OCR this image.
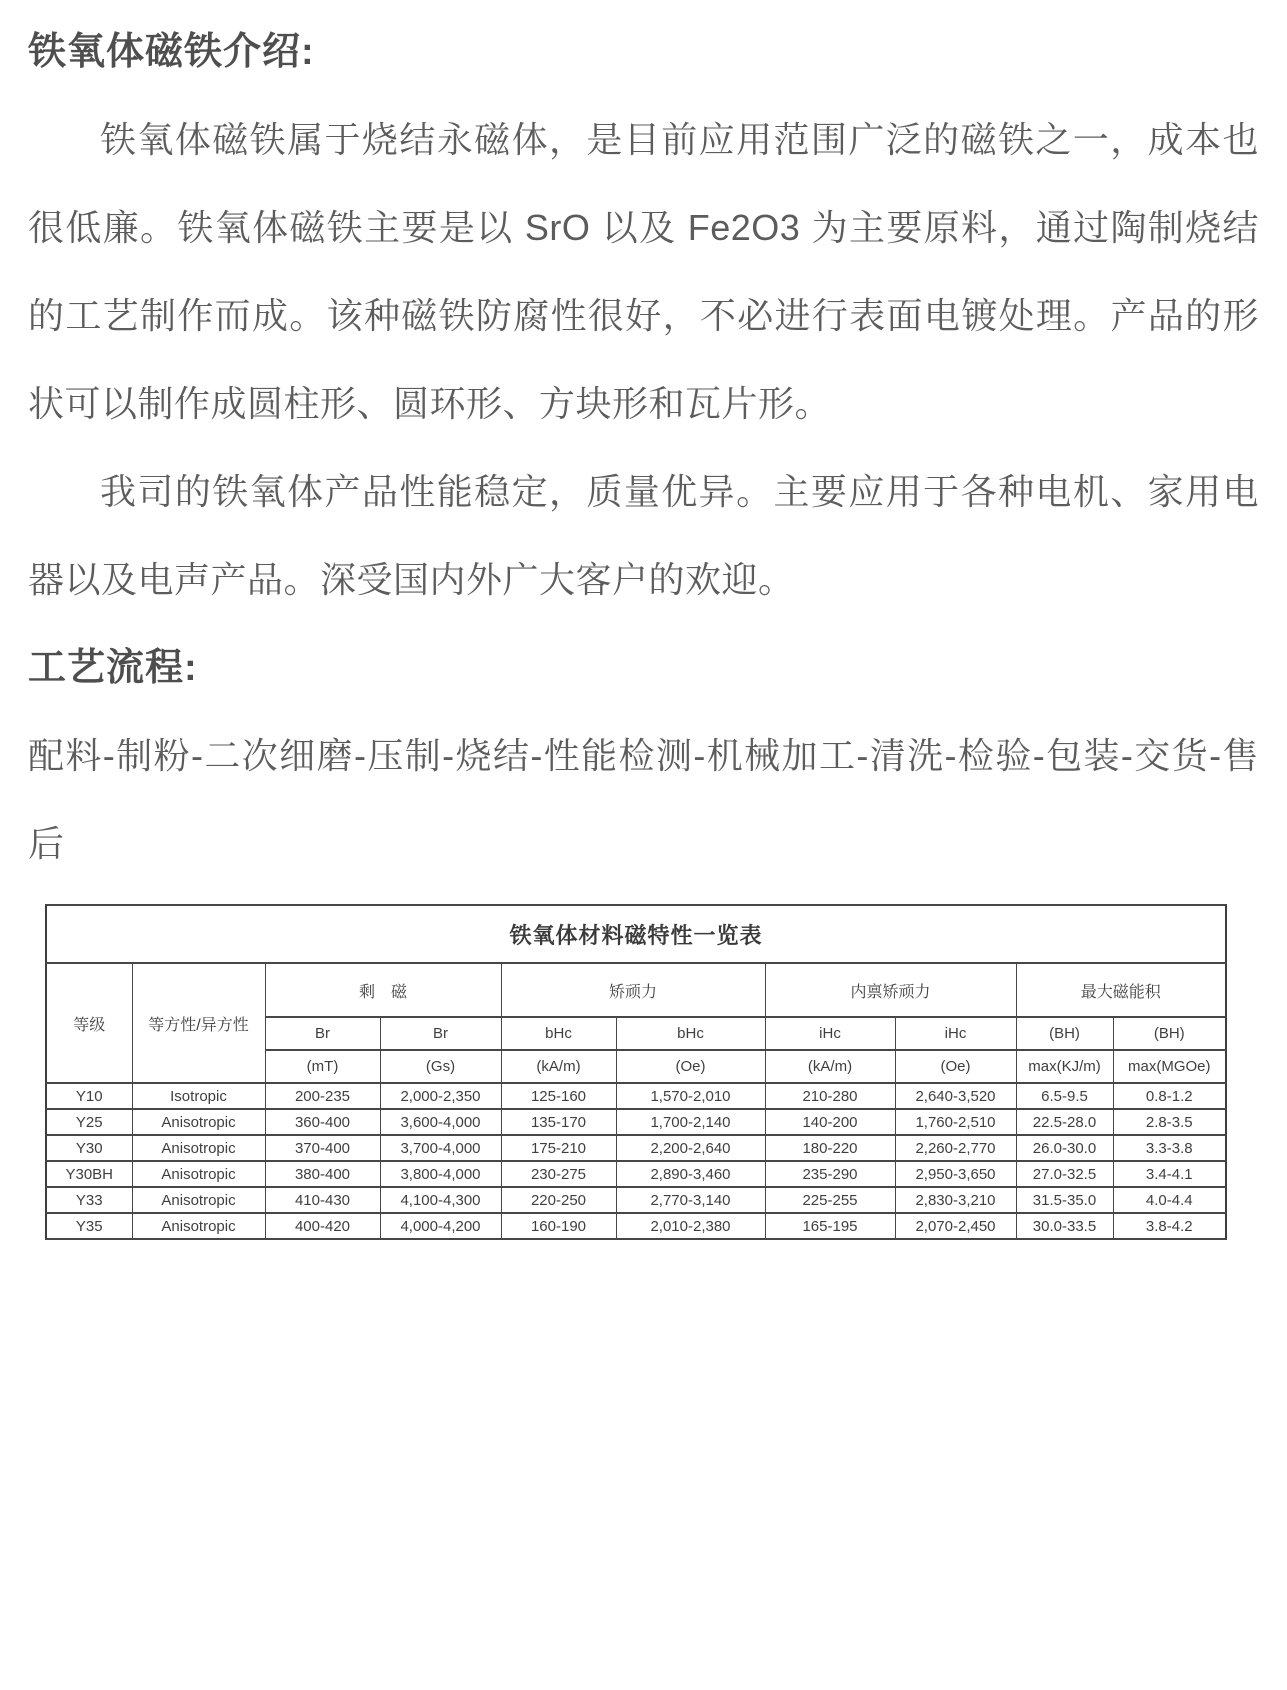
铁氧体磁铁介绍:

铁氧体磁铁属于烧结永磁体，是目前应用范围广泛的磁铁之一，成本也很低廉。铁氧体磁铁主要是以 SrO 以及 Fe2O3 为主要原料，通过陶制烧结的工艺制作而成。该种磁铁防腐性很好，不必进行表面电镀处理。产品的形状可以制作成圆柱形、圆环形、方块形和瓦片形。

我司的铁氧体产品性能稳定，质量优异。主要应用于各种电机、家用电器以及电声产品。深受国内外广大客户的欢迎。

工艺流程:

配料-制粉-二次细磨-压制-烧结-性能检测-机械加工-清洗-检验-包装-交货-售后

铁氧体材料磁特性一览表									
等级	等方性/异方性	剩　磁		矫顽力		内禀矫顽力		最大磁能积	
		Br	Br	bHc	bHc	iHc	iHc	(BH)	(BH)
		(mT)	(Gs)	(kA/m)	(Oe)	(kA/m)	(Oe)	max(KJ/m)	max(MGOe)
Y10	Isotropic	200-235	2,000-2,350	125-160	1,570-2,010	210-280	2,640-3,520	6.5-9.5	0.8-1.2
Y25	Anisotropic	360-400	3,600-4,000	135-170	1,700-2,140	140-200	1,760-2,510	22.5-28.0	2.8-3.5
Y30	Anisotropic	370-400	3,700-4,000	175-210	2,200-2,640	180-220	2,260-2,770	26.0-30.0	3.3-3.8
Y30BH	Anisotropic	380-400	3,800-4,000	230-275	2,890-3,460	235-290	2,950-3,650	27.0-32.5	3.4-4.1
Y33	Anisotropic	410-430	4,100-4,300	220-250	2,770-3,140	225-255	2,830-3,210	31.5-35.0	4.0-4.4
Y35	Anisotropic	400-420	4,000-4,200	160-190	2,010-2,380	165-195	2,070-2,450	30.0-33.5	3.8-4.2
